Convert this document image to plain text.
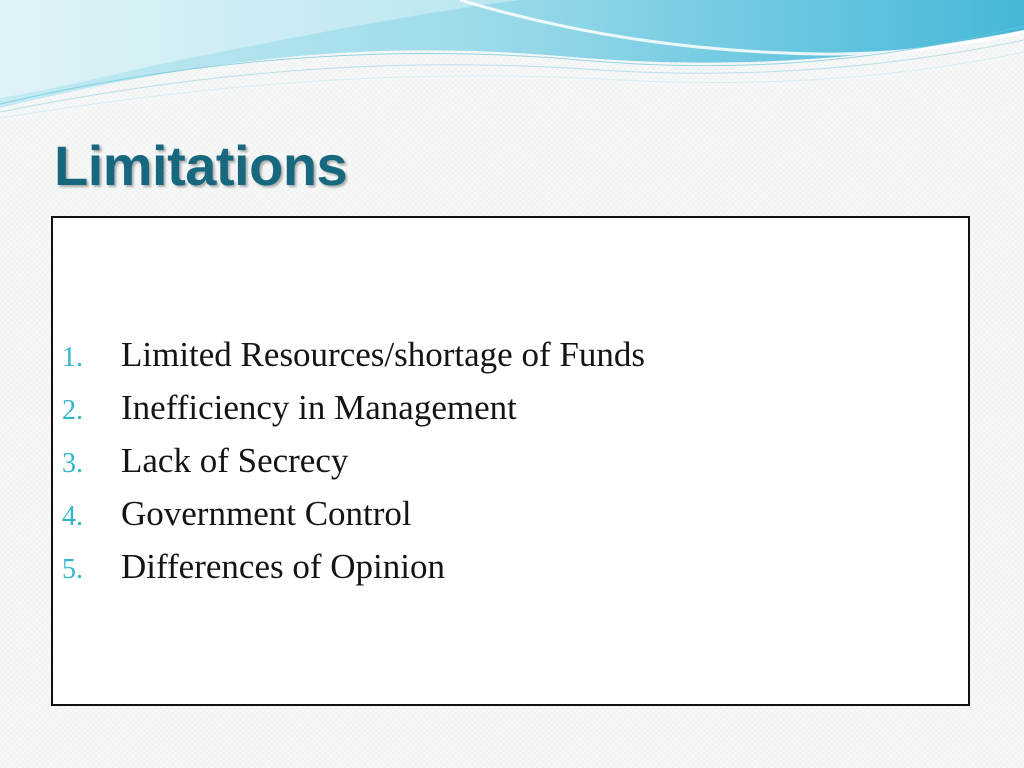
Limitations
1.	Limited Resources/shortage of Funds
2.	Inefficiency in Management
3.	Lack of Secrecy
4.	Government Control
5.	Differences of Opinion
